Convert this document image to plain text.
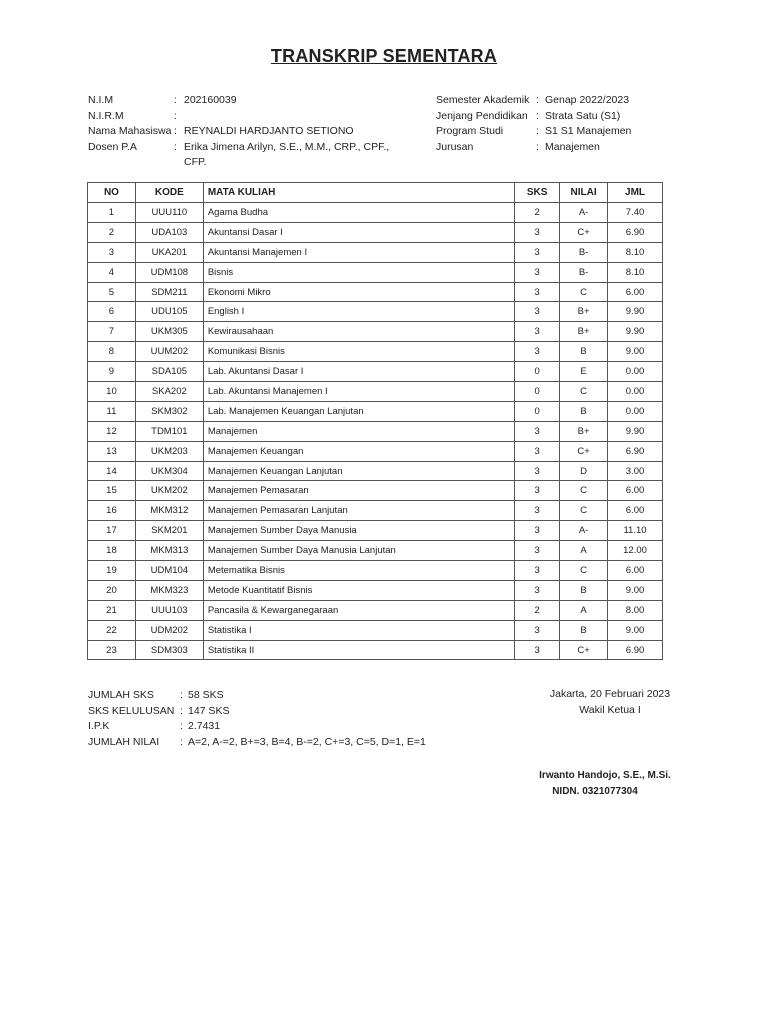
TRANSKRIP SEMENTARA
N.I.M	: 202160039
N.I.R.M	:
Nama Mahasiswa : REYNALDI HARDJANTO SETIONO
Dosen P.A	: Erika Jimena Arilyn, S.E., M.M., CRP., CPF., CFP.
Semester Akademik : Genap 2022/2023
Jenjang Pendidikan : Strata Satu (S1)
Program Studi	: S1 S1 Manajemen
Jurusan	: Manajemen
NO	KODE	MATA KULIAH	SKS	NILAI	JML
1	UUU110	Agama Budha	2	A-	7.40
2	UDA103	Akuntansi Dasar I	3	C+	6.90
3	UKA201	Akuntansi Manajemen I	3	B-	8.10
4	UDM108	Bisnis	3	B-	8.10
5	SDM211	Ekonomi Mikro	3	C	6.00
6	UDU105	English I	3	B+	9.90
7	UKM305	Kewirausahaan	3	B+	9.90
8	UUM202	Komunikasi Bisnis	3	B	9.00
9	SDA105	Lab. Akuntansi Dasar I	0	E	0.00
10	SKA202	Lab. Akuntansi Manajemen I	0	C	0.00
11	SKM302	Lab. Manajemen Keuangan Lanjutan	0	B	0.00
12	TDM101	Manajemen	3	B+	9.90
13	UKM203	Manajemen Keuangan	3	C+	6.90
14	UKM304	Manajemen Keuangan Lanjutan	3	D	3.00
15	UKM202	Manajemen Pemasaran	3	C	6.00
16	MKM312	Manajemen Pemasaran Lanjutan	3	C	6.00
17	SKM201	Manajemen Sumber Daya Manusia	3	A-	11.10
18	MKM313	Manajemen Sumber Daya Manusia Lanjutan	3	A	12.00
19	UDM104	Metematika Bisnis	3	C	6.00
20	MKM323	Metode Kuantitatif Bisnis	3	B	9.00
21	UUU103	Pancasila & Kewarganegaraan	2	A	8.00
22	UDM202	Statistika I	3	B	9.00
23	SDM303	Statistika II	3	C+	6.90
JUMLAH SKS	: 58 SKS
SKS KELULUSAN : 147 SKS
I.P.K	: 2.7431
JUMLAH NILAI	: A=2, A-=2, B+=3, B=4, B-=2, C+=3, C=5, D=1, E=1
Jakarta, 20 Februari 2023
Wakil Ketua I
Irwanto Handojo, S.E., M.Si.
NIDN. 0321077304
